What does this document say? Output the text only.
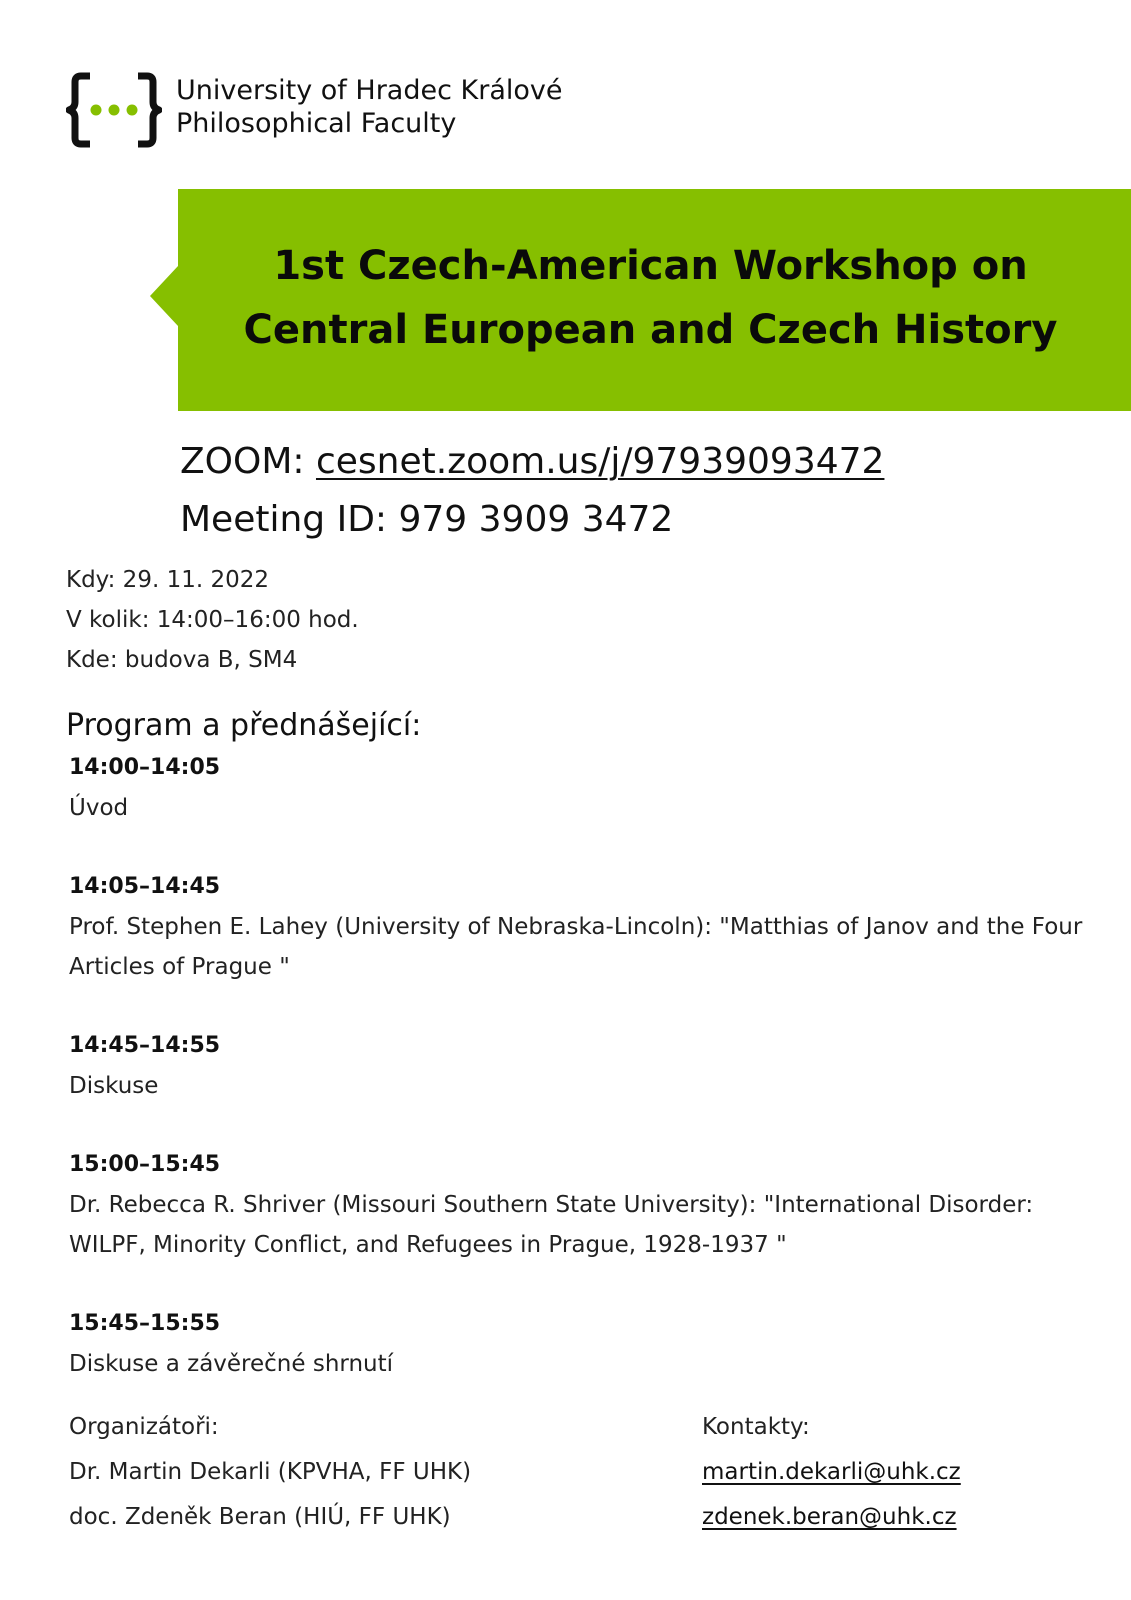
University of Hradec Králové
Philosophical Faculty
1st Czech-American Workshop on
Central European and Czech History
ZOOM: cesnet.zoom.us/j/97939093472
Meeting ID: 979 3909 3472
Kdy: 29. 11. 2022
V kolik: 14:00–16:00 hod.
Kde: budova B, SM4
Program a přednášející:
14:00–14:05
Úvod
14:05–14:45
Prof. Stephen E. Lahey (University of Nebraska-Lincoln): "Matthias of Janov and the Four Articles of Prague "
14:45–14:55
Diskuse
15:00–15:45
Dr. Rebecca R. Shriver (Missouri Southern State University): "International Disorder: WILPF, Minority Conflict, and Refugees in Prague, 1928-1937 "
15:45–15:55
Diskuse a závěrečné shrnutí
Organizátoři:
Dr. Martin Dekarli (KPVHA, FF UHK)
doc. Zdeněk Beran (HIÚ, FF UHK)
Kontakty:
martin.dekarli@uhk.cz
zdenek.beran@uhk.cz
